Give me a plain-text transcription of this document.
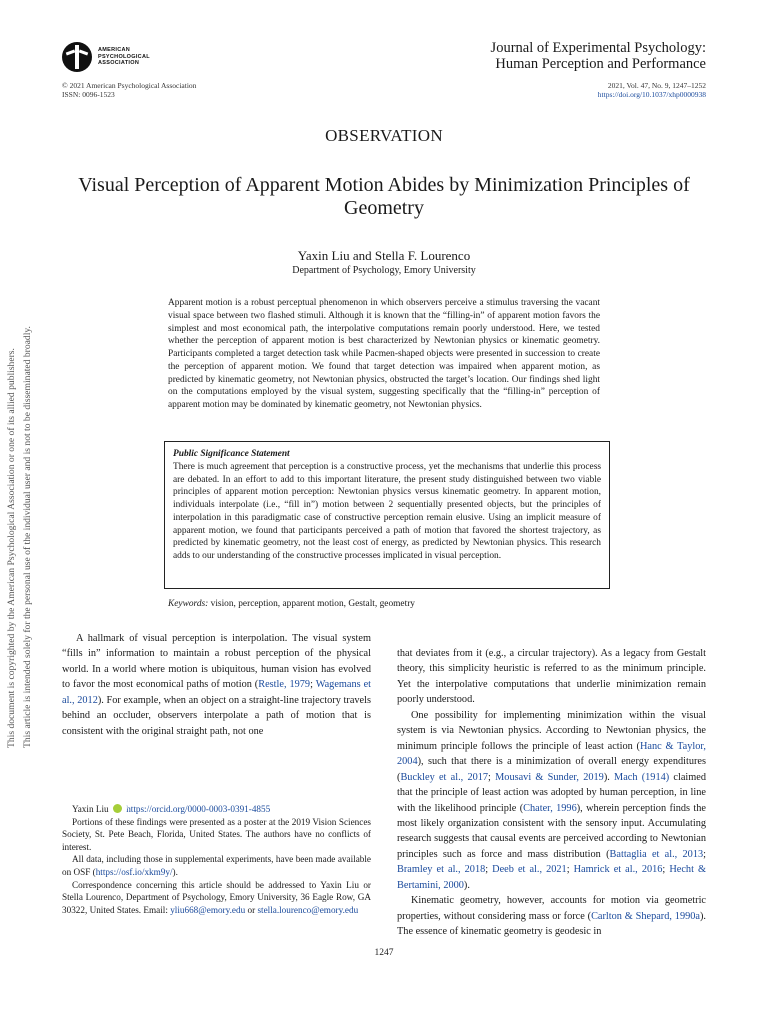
This document is copyrighted by the American Psychological Association or one of its allied publishers. This article is intended solely for the personal use of the individual user and is not to be disseminated broadly.
AMERICAN
PSYCHOLOGICAL
ASSOCIATION
Journal of Experimental Psychology:
Human Perception and Performance
© 2021 American Psychological Association
ISSN: 0096-1523
2021, Vol. 47, No. 9, 1247–1252
https://doi.org/10.1037/xhp0000938
OBSERVATION
Visual Perception of Apparent Motion Abides by Minimization Principles of Geometry
Yaxin Liu and Stella F. Lourenco
Department of Psychology, Emory University
Apparent motion is a robust perceptual phenomenon in which observers perceive a stimulus traversing the vacant visual space between two flashed stimuli. Although it is known that the “filling-in” of apparent motion favors the simplest and most economical path, the interpolative computations remain poorly understood. Here, we tested whether the perception of apparent motion is best characterized by Newtonian physics or kinematic geometry. Participants completed a target detection task while Pacmen-shaped objects were presented in succession to create the perception of apparent motion. We found that target detection was impaired when apparent motion, as predicted by kinematic geometry, not Newtonian physics, obstructed the target’s location. Our findings shed light on the computations employed by the visual system, suggesting specifically that the “filling-in” perception of apparent motion may be dominated by kinematic geometry, not Newtonian physics.
Public Significance Statement
There is much agreement that perception is a constructive process, yet the mechanisms that underlie this process are debated. In an effort to add to this important literature, the present study distinguished between two viable principles of apparent motion perception: Newtonian physics versus kinematic geometry. In apparent motion, individuals interpolate (i.e., “fill in”) motion between 2 sequentially presented objects, but the principles of interpolation in this paradigmatic case of constructive perception remain elusive. Using an implicit measure of apparent motion, we found that participants perceived a path of motion that favored the shortest trajectory, as predicted by kinematic geometry, not the least cost of energy, as predicted by Newtonian physics. This research adds to our understanding of the constructive processes implicated in visual perception.
Keywords: vision, perception, apparent motion, Gestalt, geometry

A hallmark of visual perception is interpolation. The visual system “fills in” information to maintain a robust perception of the physical world. In a world where motion is ubiquitous, human vision has evolved to favor the most economical paths of motion (Restle, 1979; Wagemans et al., 2012). For example, when an object on a straight-line trajectory travels behind an occluder, observers interpolate a path of motion that is consistent with the original straight path, not one

Yaxin Liu iD https://orcid.org/0000-0003-0391-4855

Portions of these findings were presented as a poster at the 2019 Vision Sciences Society, St. Pete Beach, Florida, United States. The authors have no conflicts of interest.

All data, including those in supplemental experiments, have been made available on OSF (https://osf.io/xkm9y/).

Correspondence concerning this article should be addressed to Yaxin Liu or Stella Lourenco, Department of Psychology, Emory University, 36 Eagle Row, GA 30322, United States. Email: yliu668@emory.edu or stella.lourenco@emory.edu

that deviates from it (e.g., a circular trajectory). As a legacy from Gestalt theory, this simplicity heuristic is referred to as the minimum principle. Yet the interpolative computations that underlie minimization remain poorly understood.

One possibility for implementing minimization within the visual system is via Newtonian physics. According to Newtonian physics, the minimum principle follows the principle of least action (Hanc & Taylor, 2004), such that there is a minimization of overall energy expenditures (Buckley et al., 2017; Mousavi & Sunder, 2019). Mach (1914) claimed that the principle of least action was adopted by human perception, in line with the likelihood principle (Chater, 1996), wherein perception finds the most likely organization consistent with the sensory input. Accumulating research suggests that causal events are perceived according to Newtonian principles such as force and mass distribution (Battaglia et al., 2013; Bramley et al., 2018; Deeb et al., 2021; Hamrick et al., 2016; Hecht & Bertamini, 2000).

Kinematic geometry, however, accounts for motion via geometric properties, without considering mass or force (Carlton & Shepard, 1990a). The essence of kinematic geometry is geodesic in

1247
